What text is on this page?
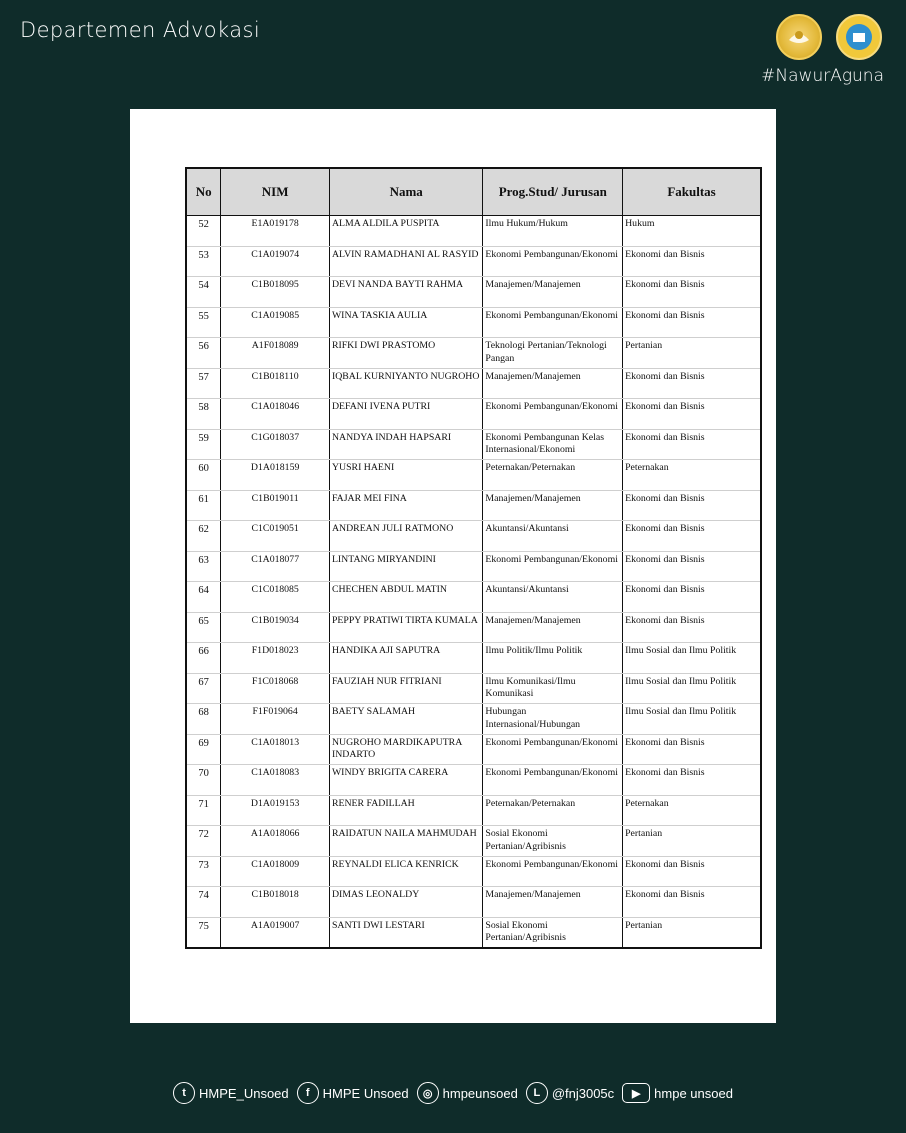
Departemen Advokasi
#NawurAguna
No	NIM	Nama	Prog.Stud/ Jurusan	Fakultas
52	E1A019178	ALMA ALDILA PUSPITA	Ilmu Hukum/Hukum	Hukum
53	C1A019074	ALVIN RAMADHANI AL RASYID	Ekonomi Pembangunan/Ekonomi	Ekonomi dan Bisnis
54	C1B018095	DEVI NANDA BAYTI RAHMA	Manajemen/Manajemen	Ekonomi dan Bisnis
55	C1A019085	WINA TASKIA AULIA	Ekonomi Pembangunan/Ekonomi	Ekonomi dan Bisnis
56	A1F018089	RIFKI DWI PRASTOMO	Teknologi Pertanian/Teknologi Pangan	Pertanian
57	C1B018110	IQBAL KURNIYANTO NUGROHO	Manajemen/Manajemen	Ekonomi dan Bisnis
58	C1A018046	DEFANI IVENA PUTRI	Ekonomi Pembangunan/Ekonomi	Ekonomi dan Bisnis
59	C1G018037	NANDYA INDAH HAPSARI	Ekonomi Pembangunan Kelas Internasional/Ekonomi	Ekonomi dan Bisnis
60	D1A018159	YUSRI HAENI	Peternakan/Peternakan	Peternakan
61	C1B019011	FAJAR MEI FINA	Manajemen/Manajemen	Ekonomi dan Bisnis
62	C1C019051	ANDREAN JULI RATMONO	Akuntansi/Akuntansi	Ekonomi dan Bisnis
63	C1A018077	LINTANG MIRYANDINI	Ekonomi Pembangunan/Ekonomi	Ekonomi dan Bisnis
64	C1C018085	CHECHEN ABDUL MATIN	Akuntansi/Akuntansi	Ekonomi dan Bisnis
65	C1B019034	PEPPY PRATIWI TIRTA KUMALA	Manajemen/Manajemen	Ekonomi dan Bisnis
66	F1D018023	HANDIKA AJI SAPUTRA	Ilmu Politik/Ilmu Politik	Ilmu Sosial dan Ilmu Politik
67	F1C018068	FAUZIAH NUR FITRIANI	Ilmu Komunikasi/Ilmu Komunikasi	Ilmu Sosial dan Ilmu Politik
68	F1F019064	BAETY SALAMAH	Hubungan Internasional/Hubungan	Ilmu Sosial dan Ilmu Politik
69	C1A018013	NUGROHO MARDIKAPUTRA INDARTO	Ekonomi Pembangunan/Ekonomi	Ekonomi dan Bisnis
70	C1A018083	WINDY BRIGITA CARERA	Ekonomi Pembangunan/Ekonomi	Ekonomi dan Bisnis
71	D1A019153	RENER FADILLAH	Peternakan/Peternakan	Peternakan
72	A1A018066	RAIDATUN NAILA MAHMUDAH	Sosial Ekonomi Pertanian/Agribisnis	Pertanian
73	C1A018009	REYNALDI ELICA KENRICK	Ekonomi Pembangunan/Ekonomi	Ekonomi dan Bisnis
74	C1B018018	DIMAS LEONALDY	Manajemen/Manajemen	Ekonomi dan Bisnis
75	A1A019007	SANTI DWI LESTARI	Sosial Ekonomi Pertanian/Agribisnis	Pertanian
t	HMPE_Unsoed	f	HMPE Unsoed	◎ hmpeunsoed	L @fnj3005c	▶	hmpe unsoed
